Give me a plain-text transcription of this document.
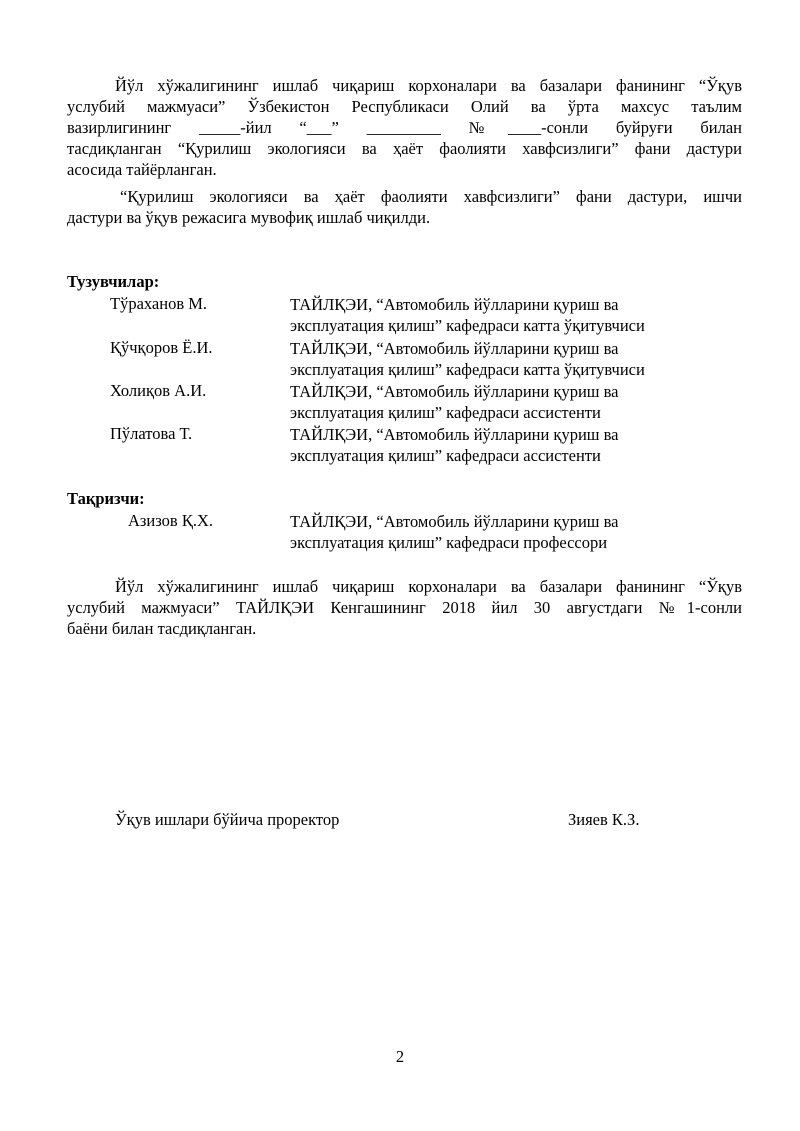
Йўл хўжалигининг ишлаб чиқариш корхоналари ва базалари фанининг “Ўқув
услубий мажмуаси” Ўзбекистон Республикаси Олий ва ўрта махсус таълим
вазирлигининг _____-йил “___” _________ №____-сонли буйруғи билан
тасдиқланган “Қурилиш экологияси ва ҳаёт фаолияти хавфсизлиги” фани дастури
асосида тайёрланган.
“Қурилиш экологияси ва ҳаёт фаолияти хавфсизлиги” фани дастури, ишчи
дастури ва ўқув режасига мувофиқ ишлаб чиқилди.
Тузувчилар:
Тўраханов М.	ТАЙЛҚЭИ, “Автомобиль йўлларини қуриш ва
эксплуатация қилиш” кафедраси катта ўқитувчиси
Қўчқоров Ё.И.	ТАЙЛҚЭИ, “Автомобиль йўлларини қуриш ва
эксплуатация қилиш” кафедраси катта ўқитувчиси
Холиқов А.И.	ТАЙЛҚЭИ, “Автомобиль йўлларини қуриш ва
эксплуатация қилиш” кафедраси ассистенти
Пўлатова Т.	ТАЙЛҚЭИ, “Автомобиль йўлларини қуриш ва
эксплуатация қилиш” кафедраси ассистенти
Тақризчи:
Азизов Қ.Х.	ТАЙЛҚЭИ, “Автомобиль йўлларини қуриш ва
эксплуатация қилиш” кафедраси профессори
Йўл хўжалигининг ишлаб чиқариш корхоналари ва базалари фанининг “Ўқув
услубий мажмуаси” ТАЙЛҚЭИ Кенгашининг 2018 йил 30 августдаги №1-сонли
баёни билан тасдиқланган.
Ўқув ишлари бўйича проректор	Зияев К.З.
2
